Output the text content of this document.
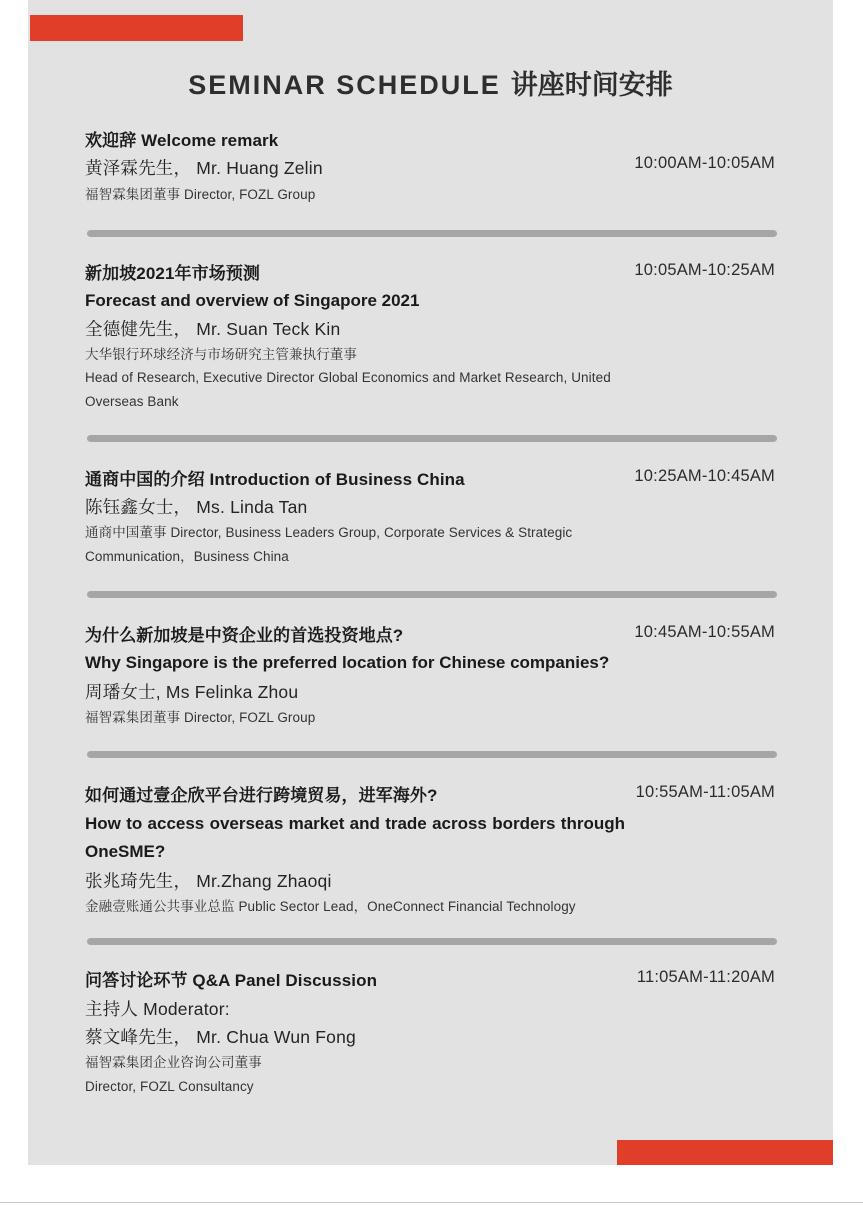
SEMINAR SCHEDULE 讲座时间安排
10:00AM-10:05AM
欢迎辞 Welcome remark
黄泽霖先生， Mr. Huang Zelin
福智霖集团董事 Director, FOZL Group
10:05AM-10:25AM
新加坡2021年市场预测
Forecast and overview of Singapore 2021
全德健先生， Mr. Suan Teck Kin
大华银行环球经济与市场研究主管兼执行董事
Head of Research, Executive Director Global Economics and Market Research, United Overseas Bank
10:25AM-10:45AM
通商中国的介绍 Introduction of Business China
陈钰鑫女士， Ms. Linda Tan
通商中国董事 Director, Business Leaders Group, Corporate Services & Strategic Communication，Business China
10:45AM-10:55AM
为什么新加坡是中资企业的首选投资地点?
Why Singapore is the preferred location for Chinese companies?
周璠女士, Ms Felinka Zhou
福智霖集团董事 Director, FOZL Group
10:55AM-11:05AM
如何通过壹企欣平台进行跨境贸易，进军海外?
How to access overseas market and trade across borders through OneSME?
张兆琦先生， Mr.Zhang Zhaoqi
金融壹账通公共事业总监 Public Sector Lead，OneConnect Financial Technology
11:05AM-11:20AM
问答讨论环节 Q&A Panel Discussion
主持人 Moderator:
蔡文峰先生， Mr. Chua Wun Fong
福智霖集团企业咨询公司董事
Director, FOZL Consultancy
